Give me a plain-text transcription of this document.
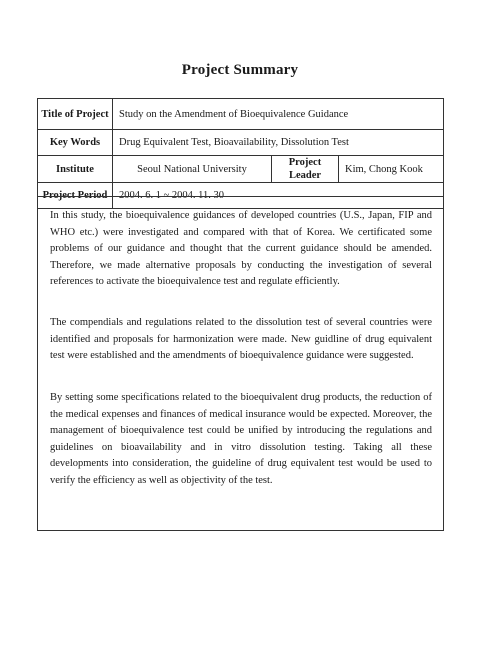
Project Summary
Title of Project	Study on the Amendment of Bioequivalence Guidance		
Key Words	Drug Equivalent Test, Bioavailability, Dissolution Test		
Institute	Seoul National University	Project Leader	Kim, Chong Kook
Project Period	2004. 6. 1 ~ 2004. 11. 30		

In this study, the bioequivalence guidances of developed countries (U.S., Japan, FIP and WHO etc.) were investigated and compared with that of Korea. We certificated some problems of our guidance and thought that the current guidance should be amended. Therefore, we made alternative proposals by conducting the investigation of several references to activate the bioequivalence test and regulate efficiently.

The compendials and regulations related to the dissolution test of several countries were identified and proposals for harmonization were made. New guidline of drug equivalent test were established and the amendments of bioequivalence guidance were suggested.

By setting some specifications related to the bioequivalent drug products, the reduction of the medical expenses and finances of medical insurance would be expected. Moreover, the management of bioequivalence test could be unified by introducing the regulations and guidelines on bioavailability and in vitro dissolution testing. Taking all these developments into consideration, the guideline of drug equivalent test would be used to verify the efficiency as well as objectivity of the test.
